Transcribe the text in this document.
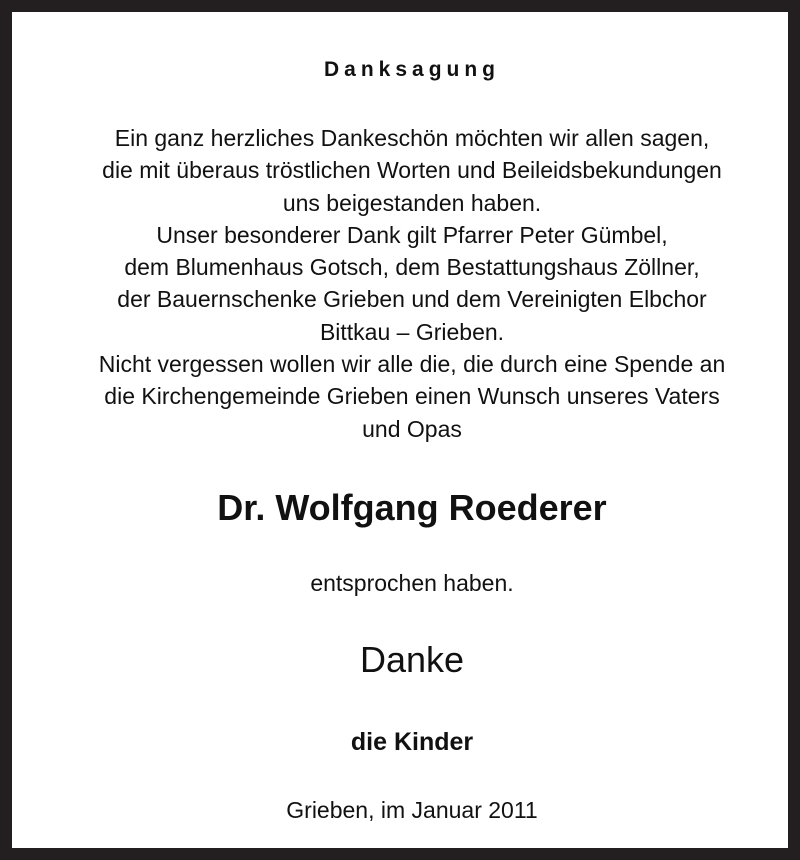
Danksagung
Ein ganz herzliches Dankeschön möchten wir allen sagen,
die mit überaus tröstlichen Worten und Beileidsbekundungen
uns beigestanden haben.
Unser besonderer Dank gilt Pfarrer Peter Gümbel,
dem Blumenhaus Gotsch, dem Bestattungshaus Zöllner,
der Bauernschenke Grieben und dem Vereinigten Elbchor
Bittkau – Grieben.
Nicht vergessen wollen wir alle die, die durch eine Spende an
die Kirchengemeinde Grieben einen Wunsch unseres Vaters
und Opas
Dr. Wolfgang Roederer
entsprochen haben.
Danke
die Kinder
Grieben, im Januar 2011
